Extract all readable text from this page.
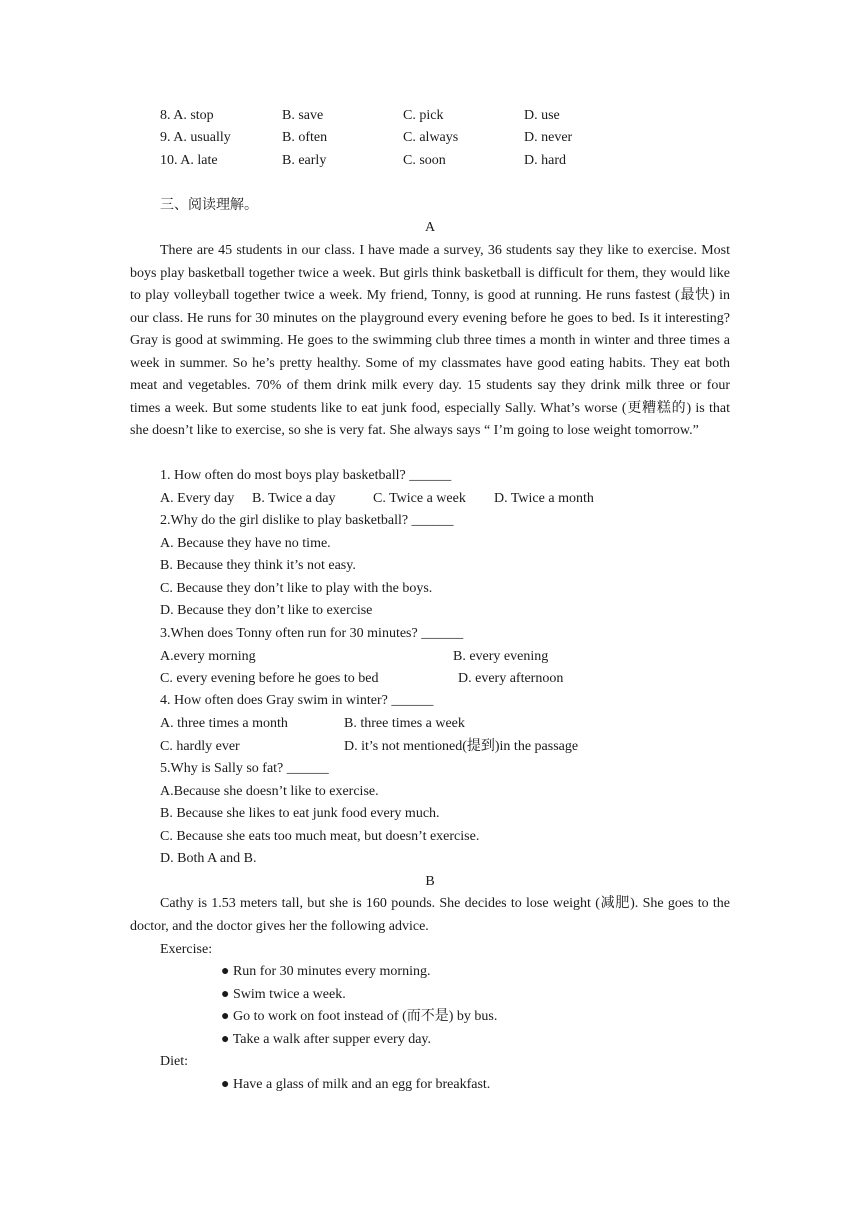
8. A. stop	B. save	C. pick	D. use
9. A. usually	B. often	C. always	D. never
10. A. late	B. early	C. soon	D. hard
三、阅读理解。
A

There are 45 students in our class. I have made a survey, 36 students say they like to exercise. Most boys play basketball together twice a week. But girls think basketball is difficult for them, they would like to play volleyball together twice a week. My friend, Tonny, is good at running. He runs fastest (最快) in our class. He runs for 30 minutes on the playground every evening before he goes to bed. Is it interesting? Gray is good at swimming. He goes to the swimming club three times a month in winter and three times a week in summer. So he’s pretty healthy. Some of my classmates have good eating habits. They eat both meat and vegetables. 70% of them drink milk every day. 15 students say they drink milk three or four times a week. But some students like to eat junk food, especially Sally. What’s worse (更糟糕的) is that she doesn’t like to exercise, so she is very fat. She always says “ I’m going to lose weight tomorrow.”

1. How often do most boys play basketball? ______
A. Every day B. Twice a day	C. Twice a week D. Twice a month
2.Why do the girl dislike to play basketball? ______
A. Because they have no time.
B. Because they think it’s not easy.
C. Because they don’t like to play with the boys.
D. Because they don’t like to exercise
3.When does Tonny often run for 30 minutes? ______
A.every morning	B. every evening
C. every evening before he goes to bed	D. every afternoon
4. How often does Gray swim in winter? ______
A. three times a month	B. three times a week
C. hardly ever	D. it’s not mentioned(提到)in the passage
5.Why is Sally so fat? ______
A.Because she doesn’t like to exercise.
B. Because she likes to eat junk food every much.
C. Because she eats too much meat, but doesn’t exercise.
D. Both A and B.
B

Cathy is 1.53 meters tall, but she is 160 pounds. She decides to lose weight (减肥). She goes to the doctor, and the doctor gives her the following advice.

Exercise:
● Run for 30 minutes every morning.
● Swim twice a week.
● Go to work on foot instead of (而不是) by bus.
● Take a walk after supper every day.
Diet:
● Have a glass of milk and an egg for breakfast.
